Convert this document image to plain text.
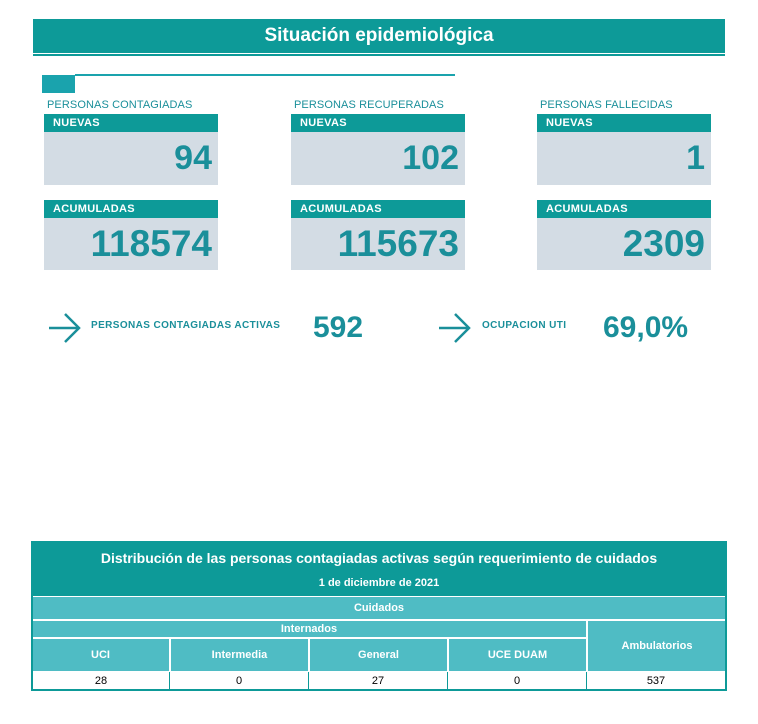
Situación epidemiológica
PERSONAS CONTAGIADAS
NUEVAS
94
ACUMULADAS
118574
PERSONAS RECUPERADAS
NUEVAS
102
ACUMULADAS
115673
PERSONAS FALLECIDAS
NUEVAS
1
ACUMULADAS
2309
PERSONAS CONTAGIADAS ACTIVAS 592	OCUPACION UTI 69,0%
Distribución de las personas contagiadas activas según requerimiento de cuidados
1 de diciembre de 2021
Cuidados
Internados
Ambulatorios
UCI	Intermedia	General	UCE DUAM
28	0	27	0	537
